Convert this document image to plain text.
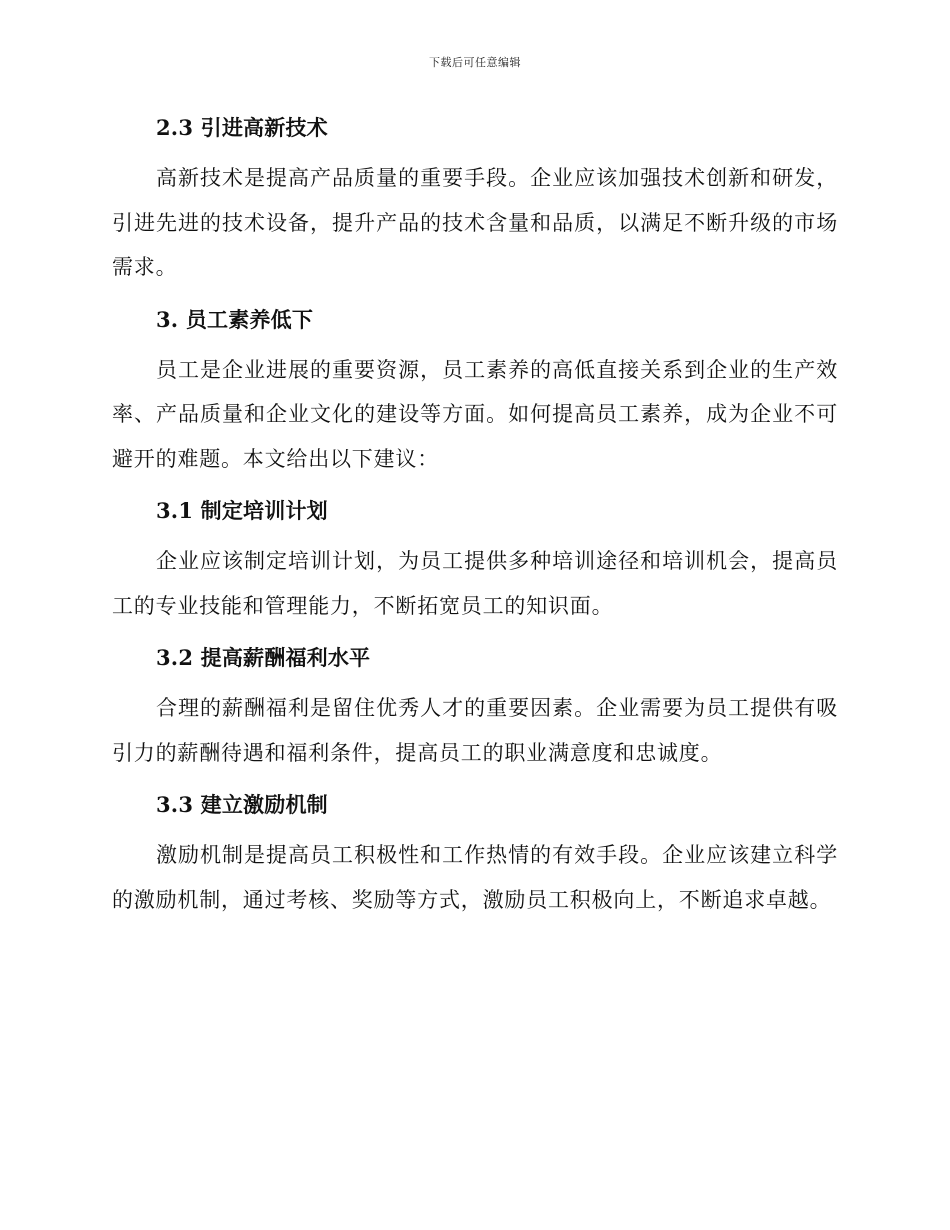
下载后可任意编辑
2.3 引进高新技术

高新技术是提高产品质量的重要手段。企业应该加强技术创新和研发，引进先进的技术设备，提升产品的技术含量和品质，以满足不断升级的市场需求。

3. 员工素养低下

员工是企业进展的重要资源，员工素养的高低直接关系到企业的生产效率、产品质量和企业文化的建设等方面。如何提高员工素养，成为企业不可避开的难题。本文给出以下建议：

3.1 制定培训计划

企业应该制定培训计划，为员工提供多种培训途径和培训机会，提高员工的专业技能和管理能力，不断拓宽员工的知识面。

3.2 提高薪酬福利水平

合理的薪酬福利是留住优秀人才的重要因素。企业需要为员工提供有吸引力的薪酬待遇和福利条件，提高员工的职业满意度和忠诚度。

3.3 建立激励机制

激励机制是提高员工积极性和工作热情的有效手段。企业应该建立科学的激励机制，通过考核、奖励等方式，激励员工积极向上，不断追求卓越。
